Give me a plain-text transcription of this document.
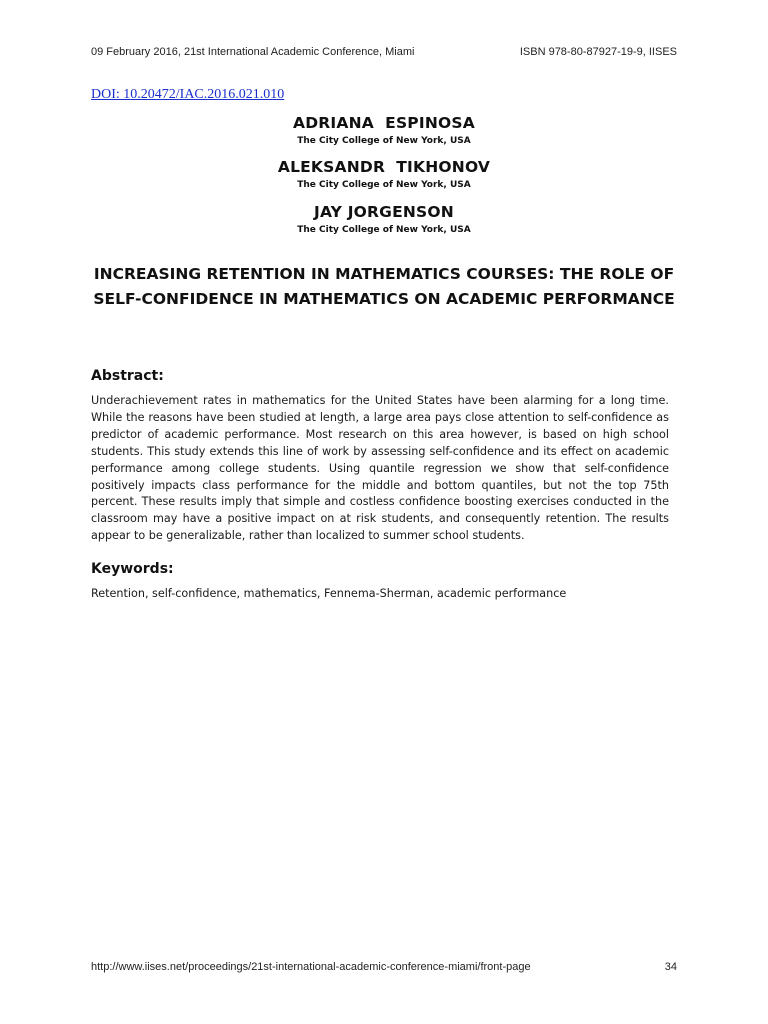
09 February 2016, 21st International Academic Conference, Miami	ISBN 978-80-87927-19-9, IISES
DOI: 10.20472/IAC.2016.021.010
ADRIANA  ESPINOSA
The City College of New York, USA
ALEKSANDR  TIKHONOV
The City College of New York, USA
JAY JORGENSON
The City College of New York, USA
INCREASING RETENTION IN MATHEMATICS COURSES: THE ROLE OF SELF-CONFIDENCE IN MATHEMATICS ON ACADEMIC PERFORMANCE
Abstract:
Underachievement rates in mathematics for the United States have been alarming for a long time. While the reasons have been studied at length, a large area pays close attention to self-confidence as predictor of academic performance. Most research on this area however, is based on high school students. This study extends this line of work by assessing self-confidence and its effect on academic performance among college students. Using quantile regression we show that self-confidence positively impacts class performance for the middle and bottom quantiles, but not the top 75th percent. These results imply that simple and costless confidence boosting exercises conducted in the classroom may have a positive impact on at risk students, and consequently retention. The results appear to be generalizable, rather than localized to summer school students.
Keywords:
Retention, self-confidence, mathematics, Fennema-Sherman, academic performance
http://www.iises.net/proceedings/21st-international-academic-conference-miami/front-page	34
